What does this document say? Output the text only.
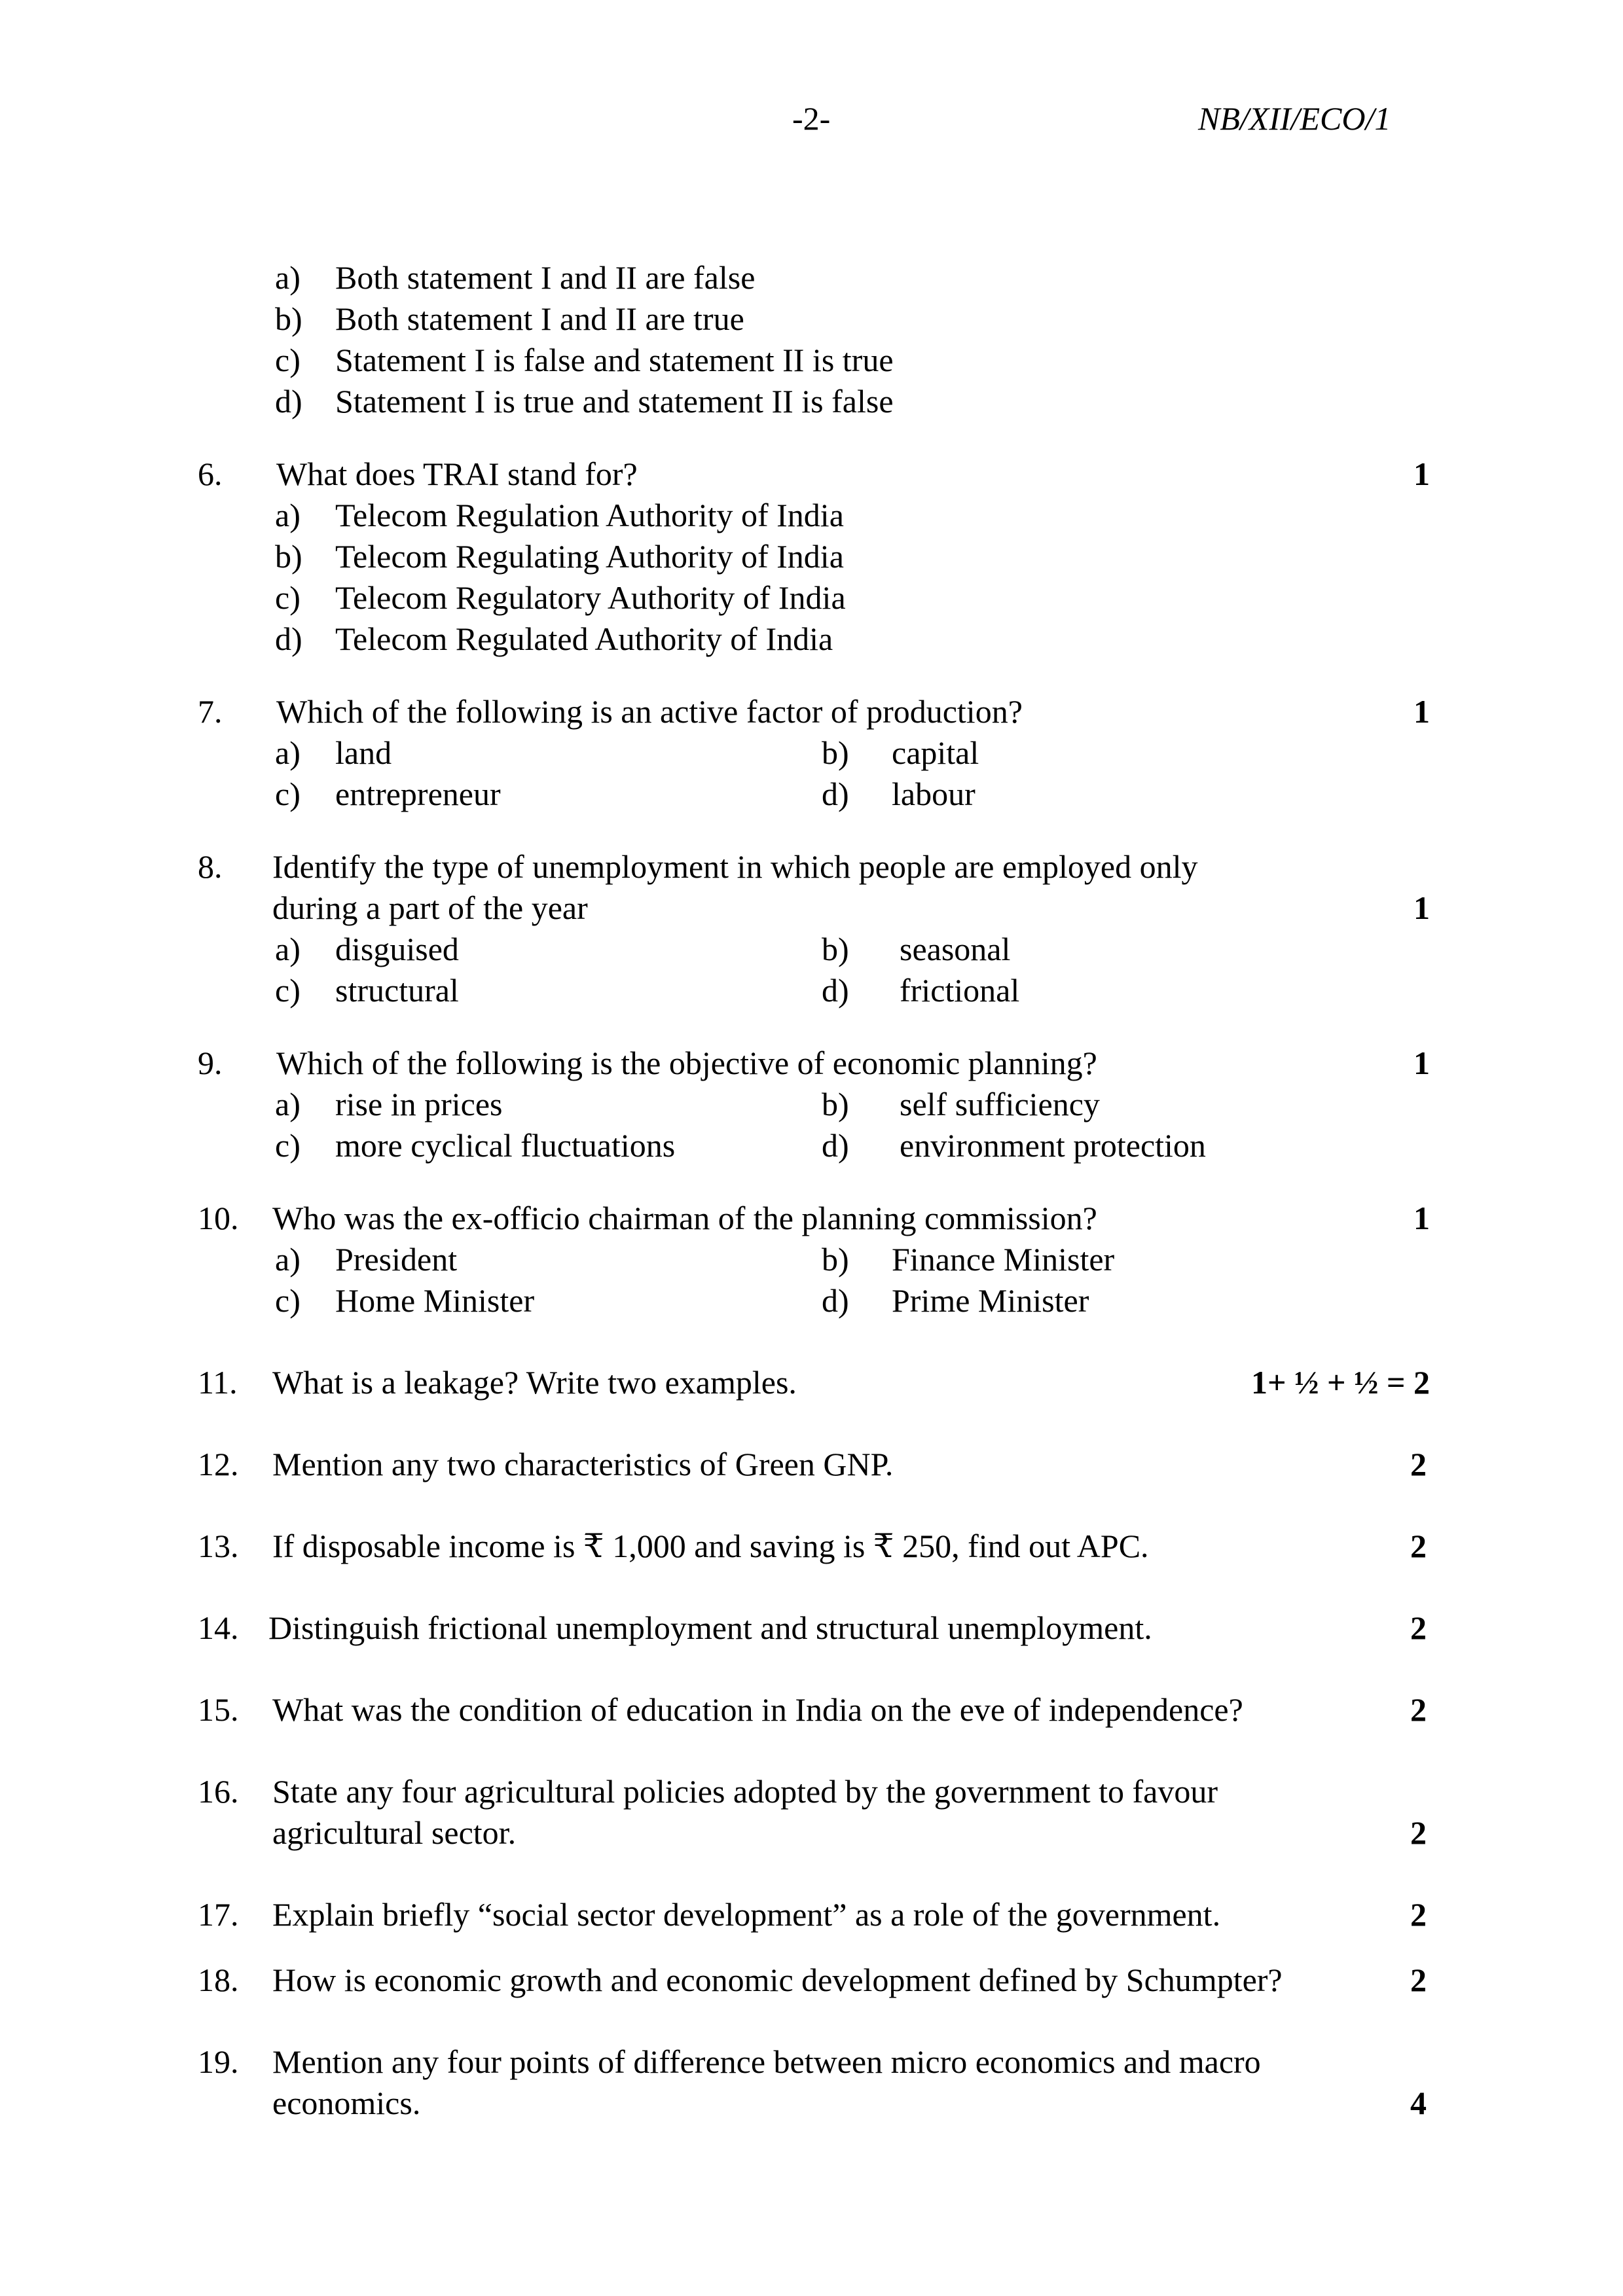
-2-	NB/XII/ECO/1
a) Both statement I and II are false
b) Both statement I and II are true
c) Statement I is false and statement II is true
d) Statement I is true and statement II is false
6. What does TRAI stand for?	1
a) Telecom Regulation Authority of India
b) Telecom Regulating Authority of India
c) Telecom Regulatory Authority of India
d) Telecom Regulated Authority of India
7. Which of the following is an active factor of production?	1
a) land	b) capital
c) entrepreneur	d) labour
8. Identify the type of unemployment in which people are employed only
during a part of the year	1
a) disguised	b) seasonal
c) structural	d) frictional
9. Which of the following is the objective of economic planning?	1
a) rise in prices	b) self sufficiency
c) more cyclical fluctuations	d) environment protection
10. Who was the ex-officio chairman of the planning commission?	1
a) President	b) Finance Minister
c) Home Minister	d) Prime Minister
11. What is a leakage? Write two examples.	1+ ½ + ½ = 2
12. Mention any two characteristics of Green GNP.	2
13. If disposable income is ₹ 1,000 and saving is ₹ 250, find out APC.	2
14. Distinguish frictional unemployment and structural unemployment.	2
15. What was the condition of education in India on the eve of independence?	2
16. State any four agricultural policies adopted by the government to favour
agricultural sector.	2
17. Explain briefly “social sector development” as a role of the government.	2
18. How is economic growth and economic development defined by Schumpter?	2
19. Mention any four points of difference between micro economics and macro
economics.	4
